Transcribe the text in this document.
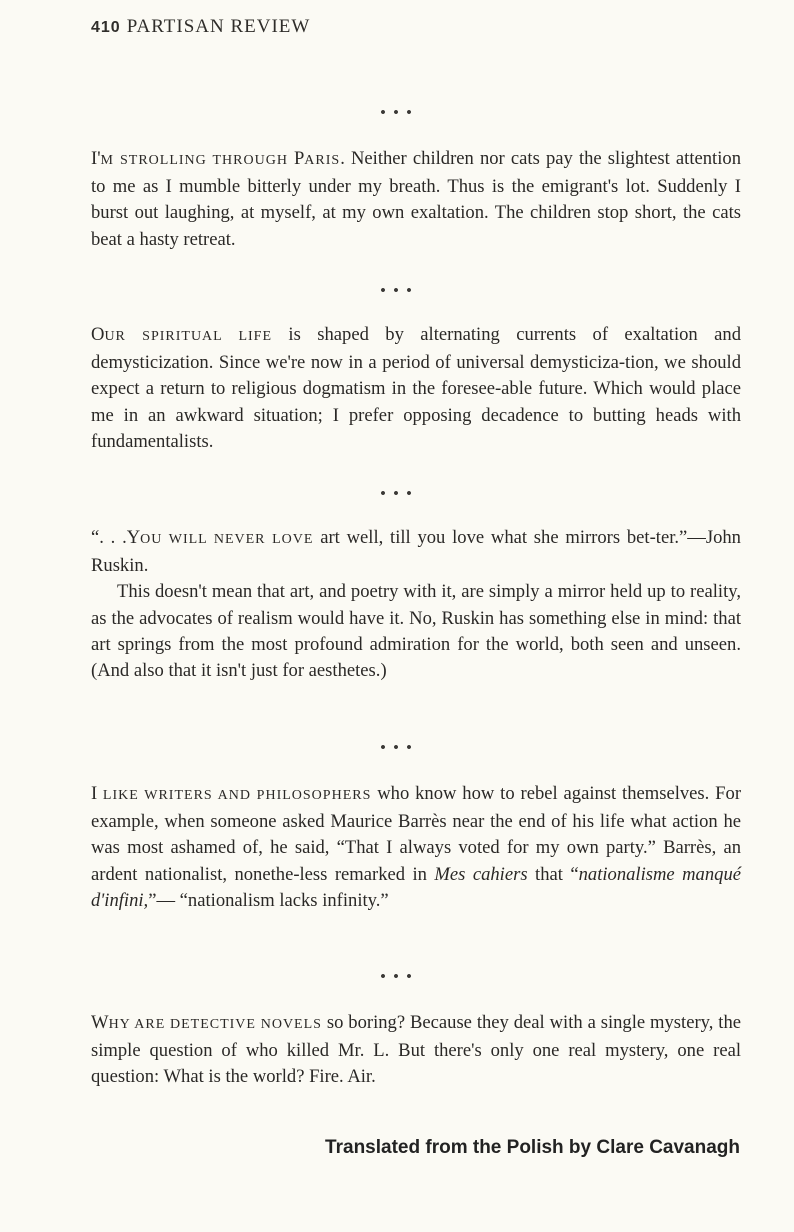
410 PARTISAN REVIEW
• • •
• • •
• • •
• • •
• • •

I'M STROLLING THROUGH PARIS. Neither children nor cats pay the slightest attention to me as I mumble bitterly under my breath. Thus is the emigrant's lot. Suddenly I burst out laughing, at myself, at my own exaltation. The children stop short, the cats beat a hasty retreat.

OUR SPIRITUAL LIFE is shaped by alternating currents of exaltation and demysticization. Since we're now in a period of universal demysticiza-tion, we should expect a return to religious dogmatism in the foresee-able future. Which would place me in an awkward situation; I prefer opposing decadence to butting heads with fundamentalists.

“. . .YOU WILL NEVER LOVE art well, till you love what she mirrors bet-ter.”—John Ruskin.

This doesn't mean that art, and poetry with it, are simply a mirror held up to reality, as the advocates of realism would have it. No, Ruskin has something else in mind: that art springs from the most profound admiration for the world, both seen and unseen. (And also that it isn't just for aesthetes.)

I LIKE WRITERS AND PHILOSOPHERS who know how to rebel against themselves. For example, when someone asked Maurice Barrès near the end of his life what action he was most ashamed of, he said, “That I always voted for my own party.” Barrès, an ardent nationalist, nonethe-less remarked in Mes cahiers that “nationalisme manqué d'infini,”— “nationalism lacks infinity.”

WHY ARE DETECTIVE NOVELS so boring? Because they deal with a single mystery, the simple question of who killed Mr. L. But there's only one real mystery, one real question: What is the world? Fire. Air.

Translated from the Polish by Clare Cavanagh
